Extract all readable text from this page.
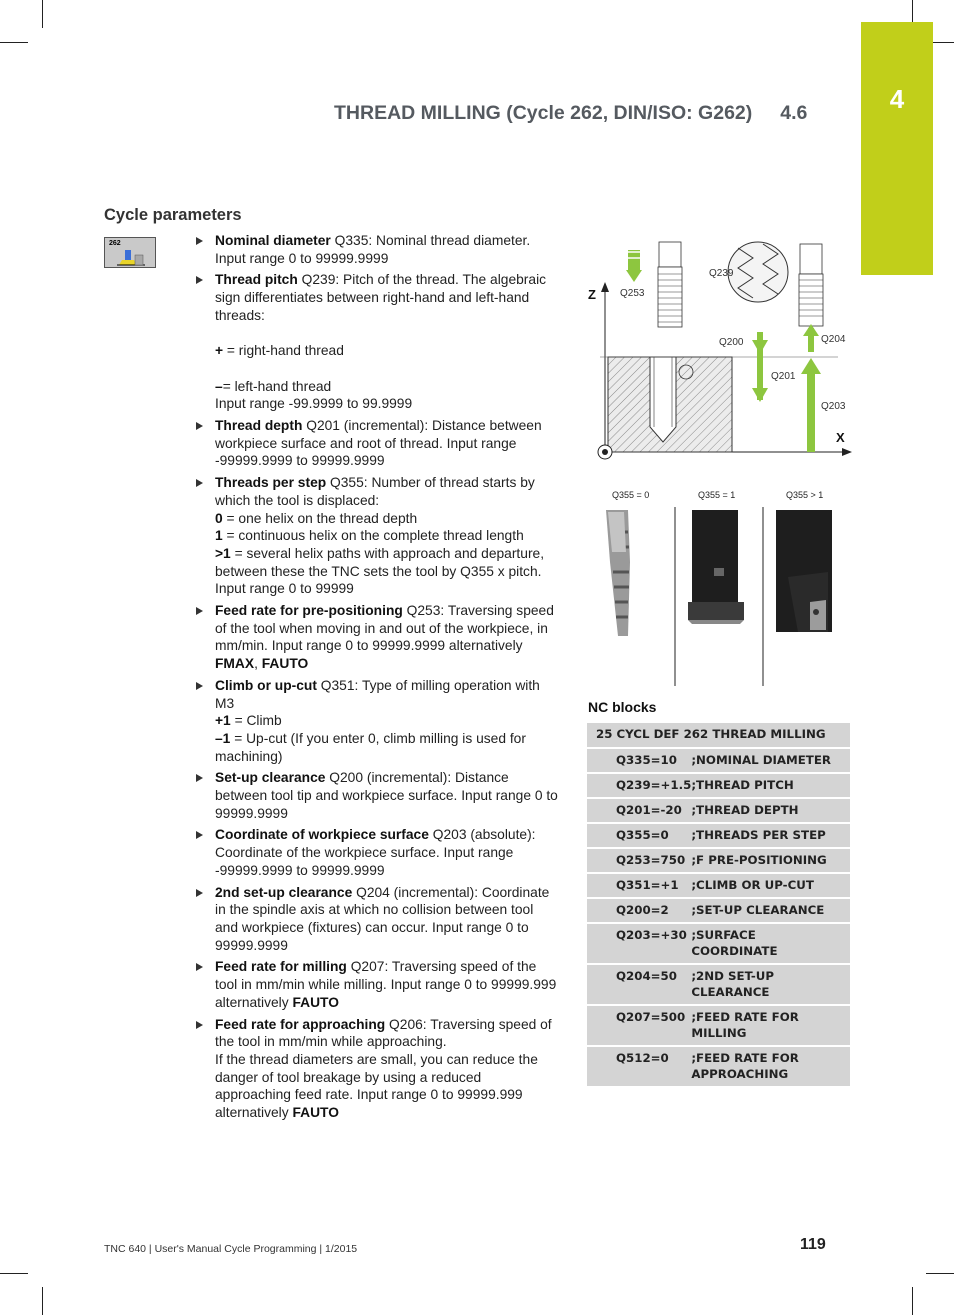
4
THREAD MILLING (Cycle 262, DIN/ISO: G262) 4.6
Cycle parameters
262	Nominal diameter Q335: Nominal thread diameter. Input range 0 to 99999.9999
Thread pitch Q239: Pitch of the thread. The algebraic sign differentiates between right-hand and left-hand threads:
+ = right-hand thread
–= left-hand thread
Input range -99.9999 to 99.9999
Thread depth Q201 (incremental): Distance between workpiece surface and root of thread. Input range -99999.9999 to 99999.9999
Threads per step Q355: Number of thread starts by which the tool is displaced:
0 = one helix on the thread depth
1 = continuous helix on the complete thread length
>1 = several helix paths with approach and departure, between these the TNC sets the tool by Q355 x pitch. Input range 0 to 99999
Feed rate for pre-positioning Q253: Traversing speed of the tool when moving in and out of the workpiece, in mm/min. Input range 0 to 99999.9999 alternatively FMAX, FAUTO
Climb or up-cut Q351: Type of milling operation with M3
+1 = Climb
–1 = Up-cut (If you enter 0, climb milling is used for machining)
Set-up clearance Q200 (incremental): Distance between tool tip and workpiece surface. Input range 0 to 99999.9999
Coordinate of workpiece surface Q203 (absolute): Coordinate of the workpiece surface. Input range -99999.9999 to 99999.9999
2nd set-up clearance Q204 (incremental): Coordinate in the spindle axis at which no collision between tool and workpiece (fixtures) can occur. Input range 0 to 99999.9999
Feed rate for milling Q207: Traversing speed of the tool in mm/min while milling. Input range 0 to 99999.999 alternatively FAUTO
Feed rate for approaching Q206: Traversing speed of the tool in mm/min while approaching.
If the thread diameters are small, you can reduce the danger of tool breakage by using a reduced approaching feed rate. Input range 0 to 99999.999 alternatively FAUTO
Z
X
Q253
Q239
Q204
Q200
Q201
Q203
Q355 = 0	Q355 = 1	Q355 > 1
NC blocks
25 CYCL DEF 262 THREAD MILLING	
Q335=10	;NOMINAL DIAMETER
Q239=+1.5	;THREAD PITCH
Q201=-20	;THREAD DEPTH
Q355=0	;THREADS PER STEP
Q253=750	;F PRE-POSITIONING
Q351=+1	;CLIMB OR UP-CUT
Q200=2	;SET-UP CLEARANCE
Q203=+30	;SURFACE COORDINATE
Q204=50	;2ND SET-UP CLEARANCE
Q207=500	;FEED RATE FOR MILLING
Q512=0	;FEED RATE FOR APPROACHING
TNC 640 | User's Manual Cycle Programming | 1/2015	119
